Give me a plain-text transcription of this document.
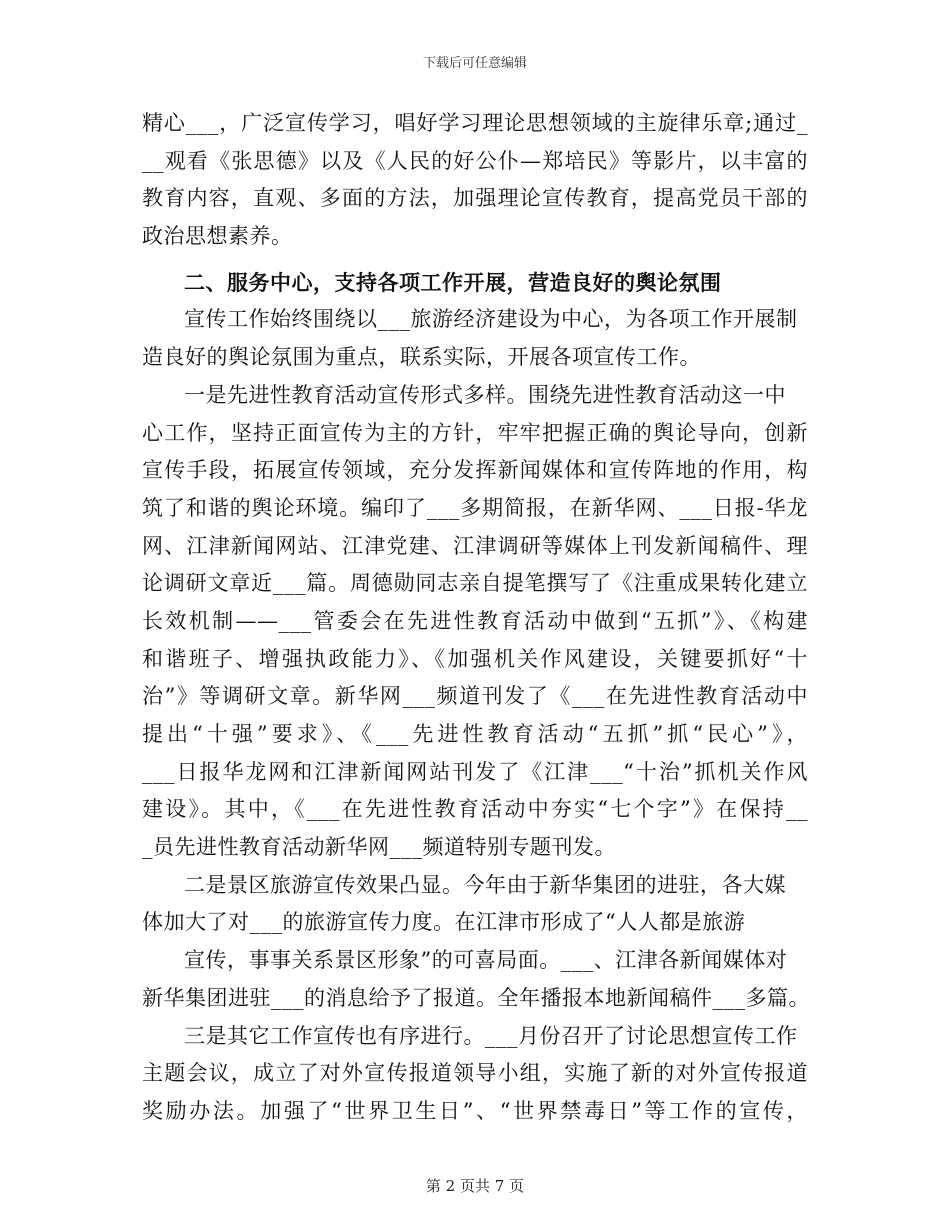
下载后可任意编辑
精心___，广泛宣传学习，唱好学习理论思想领域的主旋律乐章;通过_
__观看《张思德》以及《人民的好公仆—郑培民》等影片，以丰富的
教育内容，直观、多面的方法，加强理论宣传教育，提高党员干部的
政治思想素养。
二、服务中心，支持各项工作开展，营造良好的舆论氛围
宣传工作始终围绕以___旅游经济建设为中心，为各项工作开展制
造良好的舆论氛围为重点，联系实际，开展各项宣传工作。
一是先进性教育活动宣传形式多样。围绕先进性教育活动这一中
心工作，坚持正面宣传为主的方针，牢牢把握正确的舆论导向，创新
宣传手段，拓展宣传领域，充分发挥新闻媒体和宣传阵地的作用，构
筑了和谐的舆论环境。编印了___多期简报，在新华网、___日报-华龙
网、江津新闻网站、江津党建、江津调研等媒体上刊发新闻稿件、理
论调研文章近___篇。周德勋同志亲自提笔撰写了《注重成果转化建立
长效机制——___管委会在先进性教育活动中做到“五抓”》、《构建
和谐班子、增强执政能力》、《加强机关作风建设，关键要抓好“十
治”》等调研文章。新华网___频道刊发了《___在先进性教育活动中
提出“十强”要求》、《___先进性教育活动“五抓”抓“民心”》，
___日报华龙网和江津新闻网站刊发了《江津___“十治”抓机关作风
建设》。其中，《___在先进性教育活动中夯实“七个字”》在保持__
_员先进性教育活动新华网___频道特别专题刊发。
二是景区旅游宣传效果凸显。今年由于新华集团的进驻，各大媒
体加大了对___的旅游宣传力度。在江津市形成了“人人都是旅游
宣传，事事关系景区形象”的可喜局面。___、江津各新闻媒体对
新华集团进驻___的消息给予了报道。全年播报本地新闻稿件___多篇。
三是其它工作宣传也有序进行。___月份召开了讨论思想宣传工作
主题会议，成立了对外宣传报道领导小组，实施了新的对外宣传报道
奖励办法。加强了“世界卫生日”、“世界禁毒日”等工作的宣传，
第 2 页共 7 页
